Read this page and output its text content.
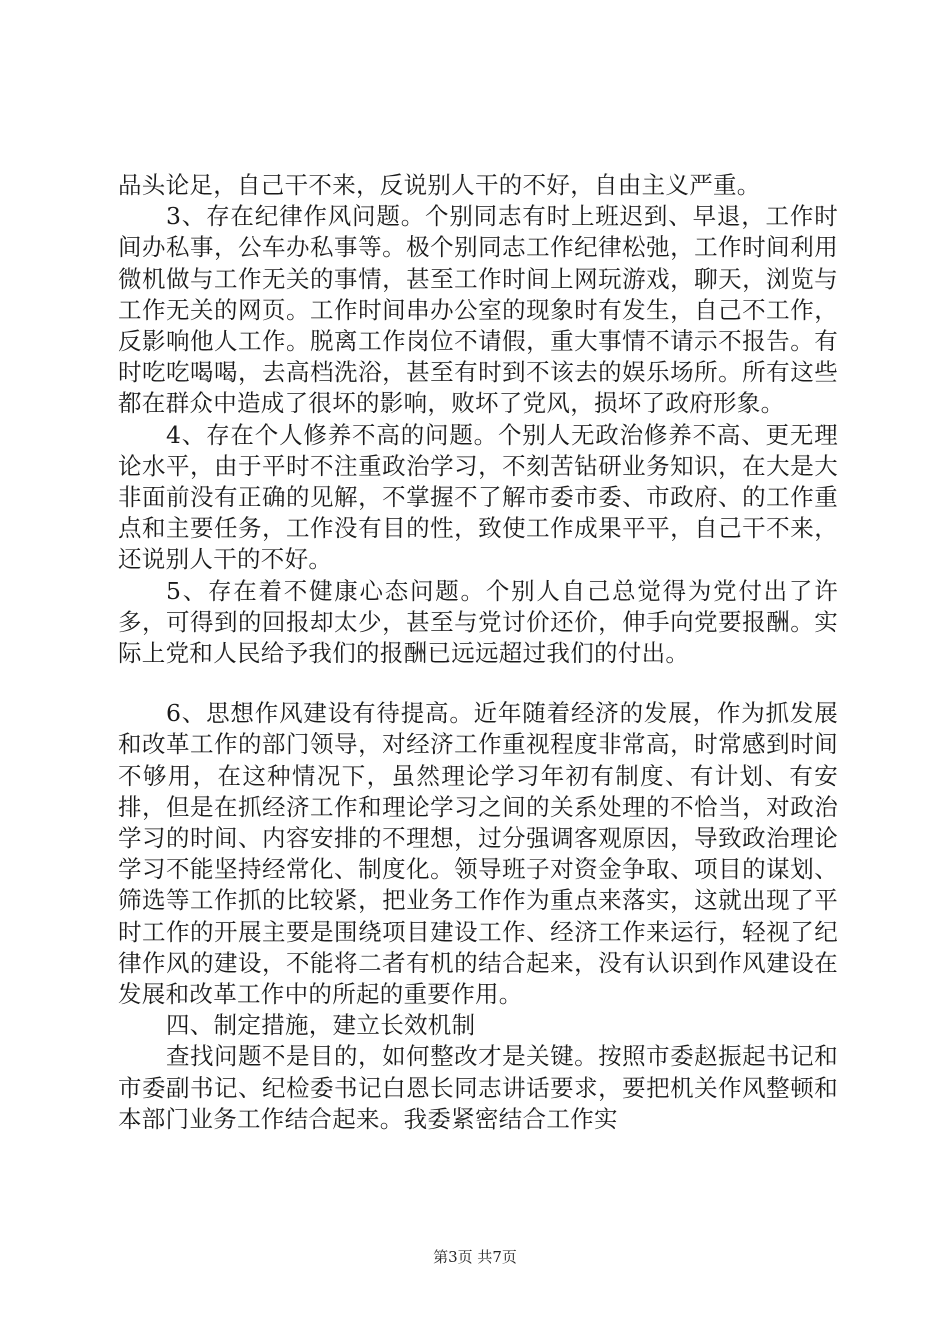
品头论足，自己干不来，反说别人干的不好，自由主义严重。

3、存在纪律作风问题。个别同志有时上班迟到、早退，工作时间办私事，公车办私事等。极个别同志工作纪律松弛，工作时间利用微机做与工作无关的事情，甚至工作时间上网玩游戏，聊天，浏览与工作无关的网页。工作时间串办公室的现象时有发生，自己不工作，反影响他人工作。脱离工作岗位不请假，重大事情不请示不报告。有时吃吃喝喝，去高档洗浴，甚至有时到不该去的娱乐场所。所有这些都在群众中造成了很坏的影响，败坏了党风，损坏了政府形象。

4、存在个人修养不高的问题。个别人无政治修养不高、更无理论水平，由于平时不注重政治学习，不刻苦钻研业务知识，在大是大非面前没有正确的见解，不掌握不了解市委市委、市政府、的工作重点和主要任务，工作没有目的性，致使工作成果平平，自己干不来，还说别人干的不好。

5、存在着不健康心态问题。个别人自己总觉得为党付出了许多，可得到的回报却太少，甚至与党讨价还价，伸手向党要报酬。实际上党和人民给予我们的报酬已远远超过我们的付出。

6、思想作风建设有待提高。近年随着经济的发展，作为抓发展和改革工作的部门领导，对经济工作重视程度非常高，时常感到时间不够用，在这种情况下，虽然理论学习年初有制度、有计划、有安排，但是在抓经济工作和理论学习之间的关系处理的不恰当，对政治学习的时间、内容安排的不理想，过分强调客观原因，导致政治理论学习不能坚持经常化、制度化。领导班子对资金争取、项目的谋划、筛选等工作抓的比较紧，把业务工作作为重点来落实，这就出现了平时工作的开展主要是围绕项目建设工作、经济工作来运行，轻视了纪律作风的建设，不能将二者有机的结合起来，没有认识到作风建设在发展和改革工作中的所起的重要作用。

四、制定措施，建立长效机制

查找问题不是目的，如何整改才是关键。按照市委赵振起书记和市委副书记、纪检委书记白恩长同志讲话要求，要把机关作风整顿和本部门业务工作结合起来。我委紧密结合工作实

第3页 共7页
